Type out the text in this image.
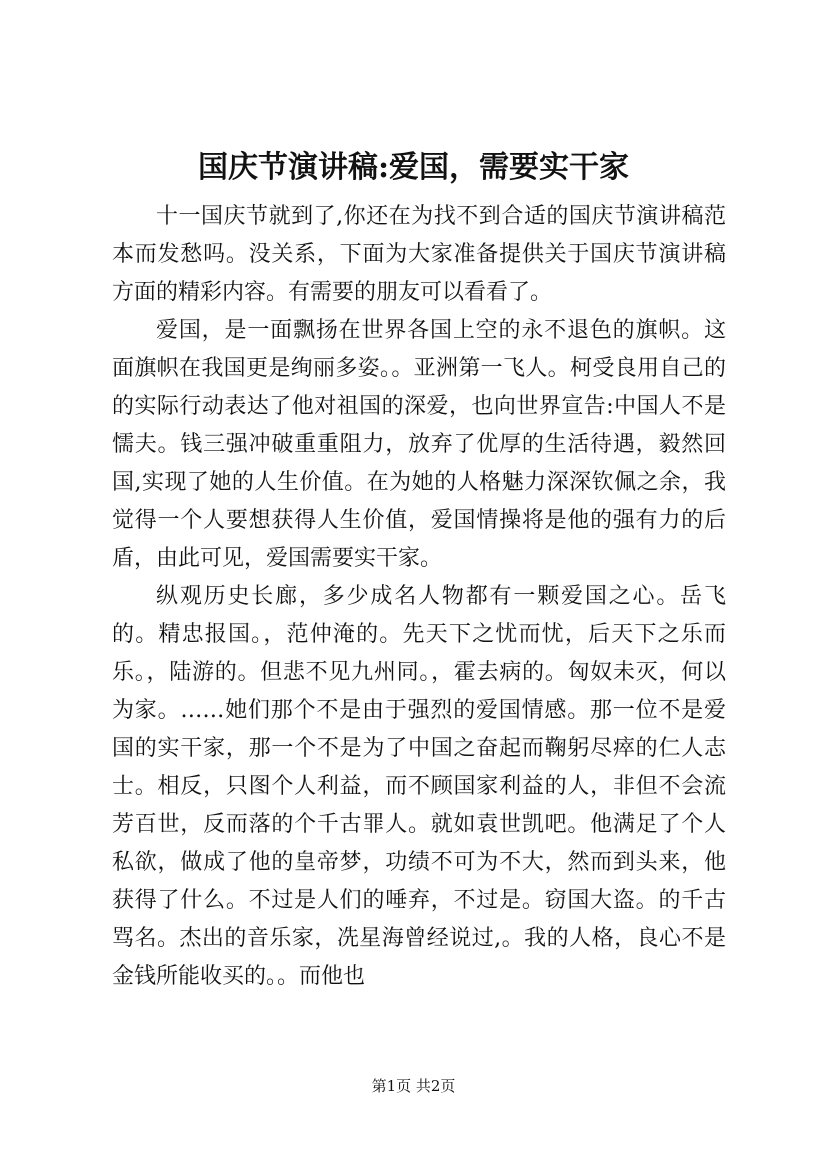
国庆节演讲稿:爱国，需要实干家

十一国庆节就到了,你还在为找不到合适的国庆节演讲稿范本而发愁吗。没关系，下面为大家准备提供关于国庆节演讲稿方面的精彩内容。有需要的朋友可以看看了。

爱国，是一面飘扬在世界各国上空的永不退色的旗帜。这面旗帜在我国更是绚丽多姿。。亚洲第一飞人。柯受良用自己的的实际行动表达了他对祖国的深爱，也向世界宣告:中国人不是懦夫。钱三强冲破重重阻力，放弃了优厚的生活待遇，毅然回国,实现了她的人生价值。在为她的人格魅力深深钦佩之余，我觉得一个人要想获得人生价值，爱国情操将是他的强有力的后盾，由此可见，爱国需要实干家。

纵观历史长廊，多少成名人物都有一颗爱国之心。岳飞的。精忠报国。，范仲淹的。先天下之忧而忧，后天下之乐而乐。，陆游的。但悲不见九州同。，霍去病的。匈奴未灭，何以为家。……她们那个不是由于强烈的爱国情感。那一位不是爱国的实干家，那一个不是为了中国之奋起而鞠躬尽瘁的仁人志士。相反，只图个人利益，而不顾国家利益的人，非但不会流芳百世，反而落的个千古罪人。就如袁世凯吧。他满足了个人私欲，做成了他的皇帝梦，功绩不可为不大，然而到头来，他获得了什么。不过是人们的唾弃，不过是。窃国大盗。的千古骂名。杰出的音乐家，冼星海曾经说过,。我的人格，良心不是金钱所能收买的。。而他也

第1页 共2页
